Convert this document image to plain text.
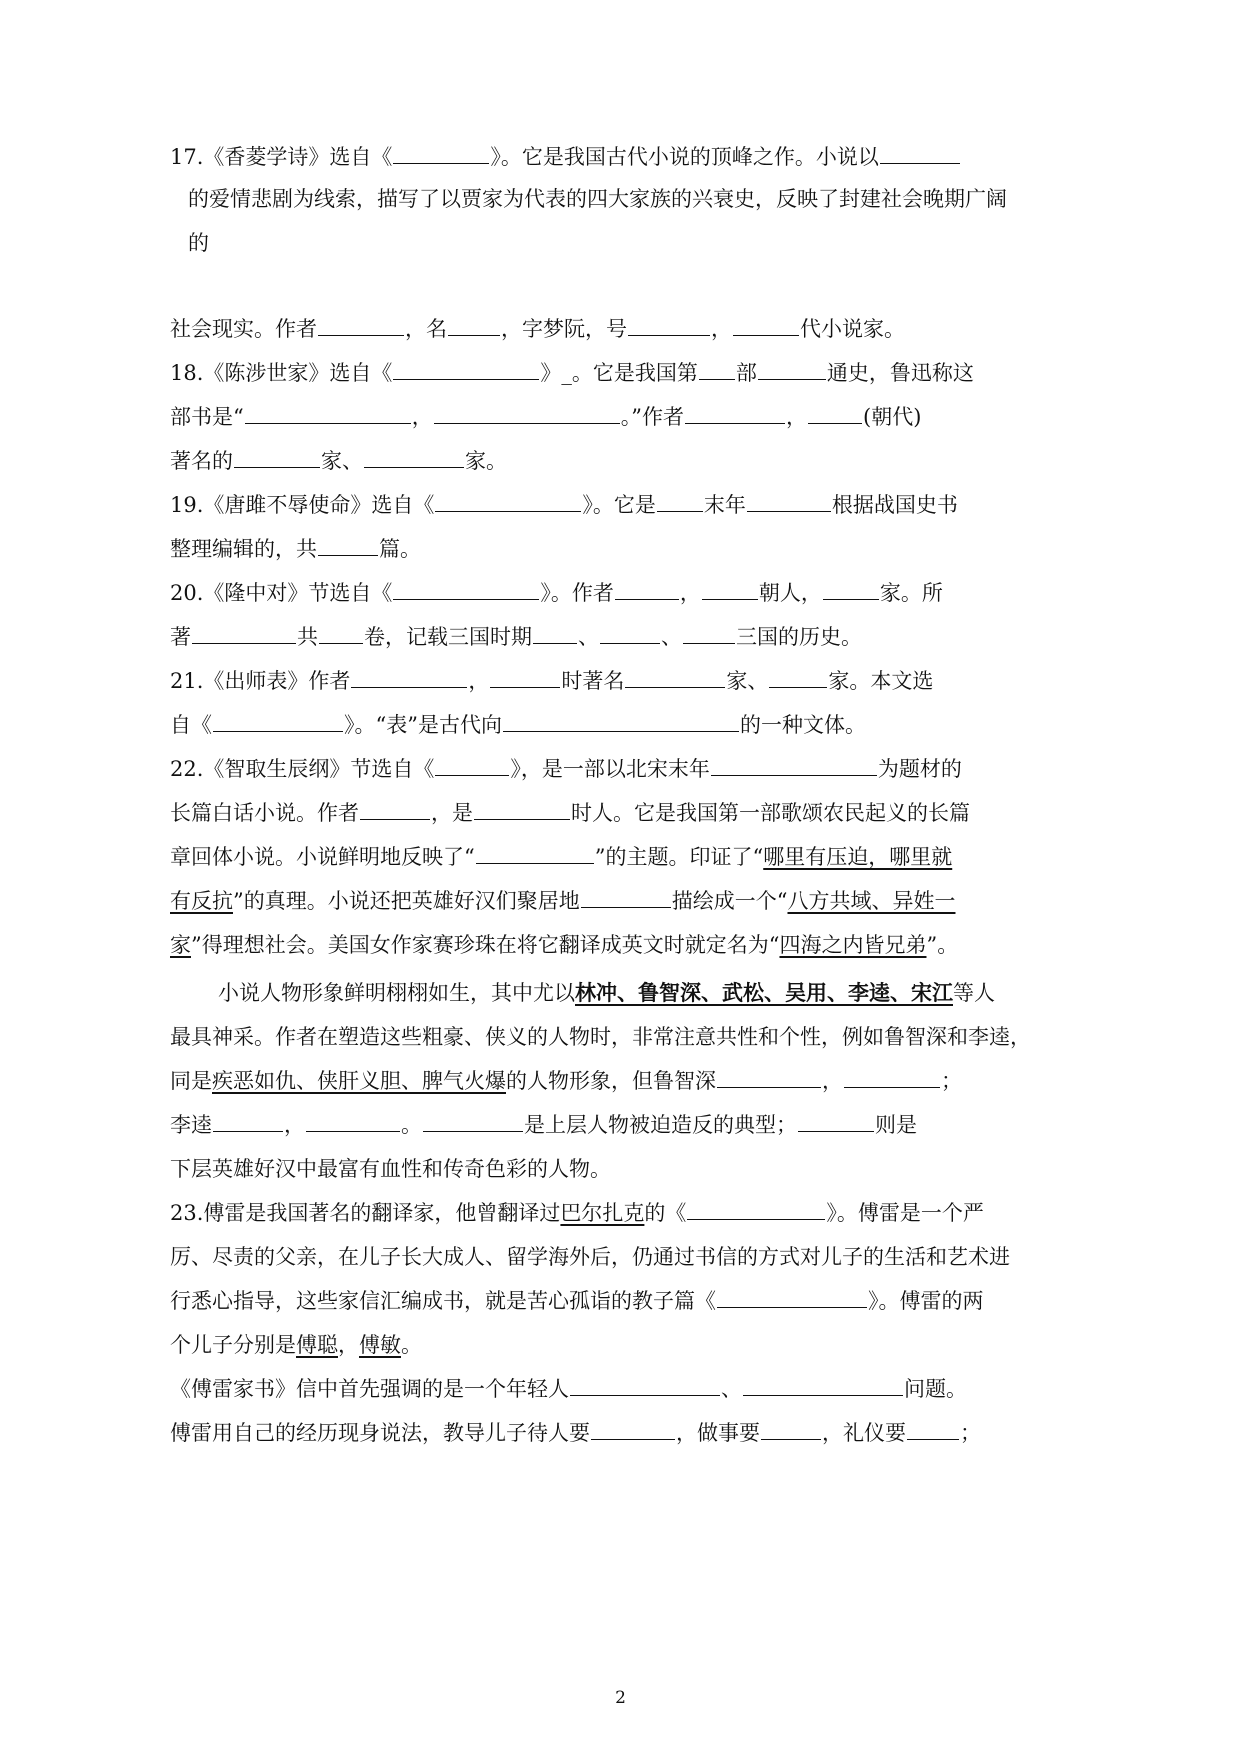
17.《香菱学诗》选自《	》。它是我国古代小说的顶峰之作。小说以
的爱情悲剧为线索，描写了以贾家为代表的四大家族的兴衰史，反映了封建社会晚期广阔
的
社会现实。作者	，名	，字梦阮，号	，	代小说家。
18.《陈涉世家》选自《	》_。它是我国第 部	通史，鲁迅称这
部书是“	，	。”作者	，	(朝代)
著名的	家、	家。
19.《唐雎不辱使命》选自《	》。它是 末年	根据战国史书
整理编辑的，共	篇。
20.《隆中对》节选自《	》。作者	，	朝人，	家。所
著	共 卷，记载三国时期 、	、	三国的历史。
21.《出师表》作者	，	时著名	家、	家。本文选
自《	》。“表”是古代向	的一种文体。
22.《智取生辰纲》节选自《	》，是一部以北宋末年	为题材的
长篇白话小说。作者	，是	时人。它是我国第一部歌颂农民起义的长篇
章回体小说。小说鲜明地反映了“	”的主题。印证了“哪里有压迫，哪里就
有反抗”的真理。小说还把英雄好汉们聚居地	描绘成一个“八方共域、异姓一
家”得理想社会。美国女作家赛珍珠在将它翻译成英文时就定名为“四海之内皆兄弟”。
小说人物形象鲜明栩栩如生，其中尤以林冲、鲁智深、武松、吴用、李逵、宋江等人
最具神采。作者在塑造这些粗豪、侠义的人物时，非常注意共性和个性，例如鲁智深和李逵，
同是疾恶如仇、侠肝义胆、脾气火爆的人物形象，但鲁智深	，	；
李逵	，	。	是上层人物被迫造反的典型；	则是
下层英雄好汉中最富有血性和传奇色彩的人物。
23.傅雷是我国著名的翻译家，他曾翻译过巴尔扎克的《	》。傅雷是一个严
厉、尽责的父亲，在儿子长大成人、留学海外后，仍通过书信的方式对儿子的生活和艺术进
行悉心指导，这些家信汇编成书，就是苦心孤诣的教子篇《	》。傅雷的两
个儿子分别是傅聪，傅敏。
《傅雷家书》信中首先强调的是一个年轻人	、	问题。
傅雷用自己的经历现身说法，教导儿子待人要	，做事要	，礼仪要	；
2
